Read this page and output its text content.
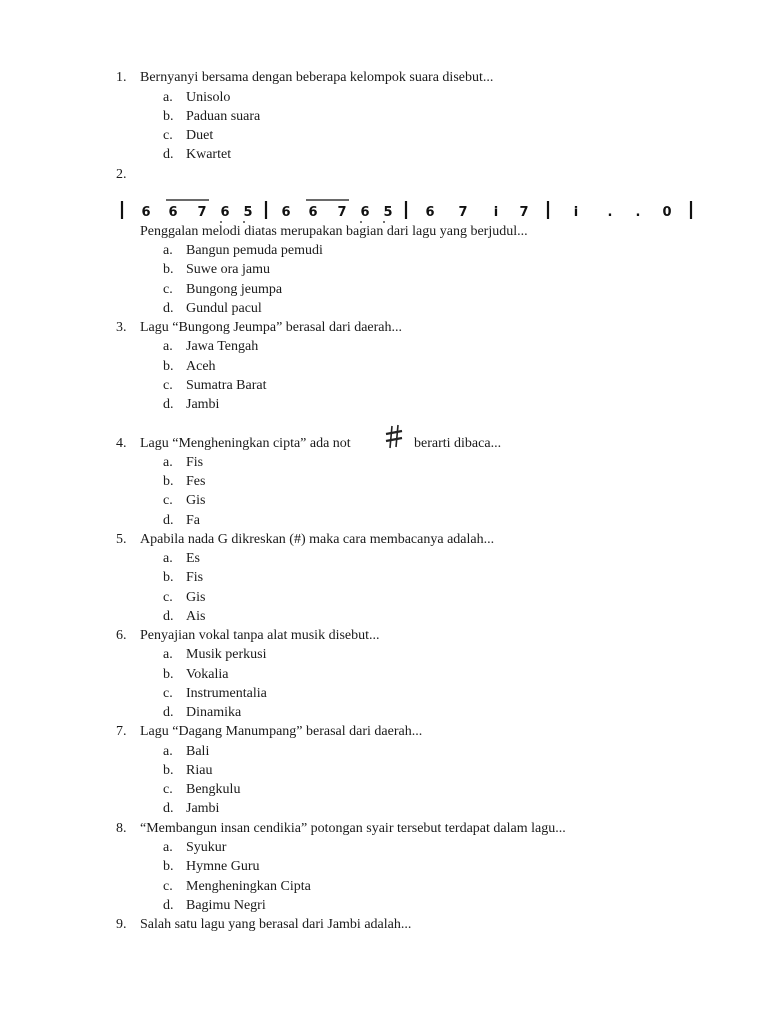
1. Bernyanyi bersama dengan beberapa kelompok suara disebut...
a. Unisolo
b. Paduan suara
c. Duet
d. Kwartet
2.
6 6 7 6 5 6 6 7 6 5	6 7 i 7	i . . 0
Penggalan melodi diatas merupakan bagian dari lagu yang berjudul...
a. Bangun pemuda pemudi
b. Suwe ora jamu
c. Bungong jeumpa
d. Gundul pacul
3. Lagu “Bungong Jeumpa” berasal dari daerah...
a. Jawa Tengah
b. Aceh
c. Sumatra Barat
d. Jambi
4. Lagu “Mengheningkan cipta” ada not	berarti dibaca...
a. Fis
b. Fes
c. Gis
d. Fa
5. Apabila nada G dikreskan (#) maka cara membacanya adalah...
a. Es
b. Fis
c. Gis
d. Ais
6. Penyajian vokal tanpa alat musik disebut...
a. Musik perkusi
b. Vokalia
c. Instrumentalia
d. Dinamika
7. Lagu “Dagang Manumpang” berasal dari daerah...
a. Bali
b. Riau
c. Bengkulu
d. Jambi
8. “Membangun insan cendikia” potongan syair tersebut terdapat dalam lagu...
a. Syukur
b. Hymne Guru
c. Mengheningkan Cipta
d. Bagimu Negri
9. Salah satu lagu yang berasal dari Jambi adalah...
